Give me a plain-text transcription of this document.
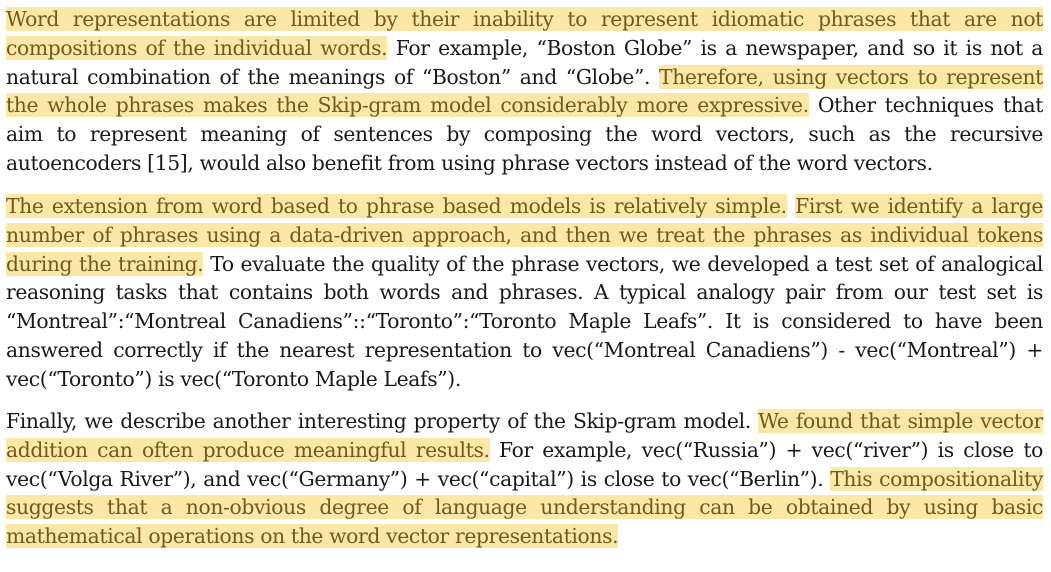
Word representations are limited by their inability to represent idiomatic phrases that are not compositions of the individual words. For example, “Boston Globe” is a newspaper, and so it is not a natural combination of the meanings of “Boston” and “Globe”. Therefore, using vectors to represent the whole phrases makes the Skip-gram model considerably more expressive. Other techniques that aim to represent meaning of sentences by composing the word vectors, such as the recursive autoencoders [15], would also benefit from using phrase vectors instead of the word vectors.

The extension from word based to phrase based models is relatively simple. First we identify a large number of phrases using a data-driven approach, and then we treat the phrases as individual tokens during the training. To evaluate the quality of the phrase vectors, we developed a test set of analogical reasoning tasks that contains both words and phrases. A typical analogy pair from our test set is “Montreal”:“Montreal Canadiens”::“Toronto”:“Toronto Maple Leafs”. It is considered to have been answered correctly if the nearest representation to vec(“Montreal Canadiens”) - vec(“Montreal”) + vec(“Toronto”) is vec(“Toronto Maple Leafs”).

Finally, we describe another interesting property of the Skip-gram model. We found that simple vector addition can often produce meaningful results. For example, vec(“Russia”) + vec(“river”) is close to vec(“Volga River”), and vec(“Germany”) + vec(“capital”) is close to vec(“Berlin”). This compositionality suggests that a non-obvious degree of language understanding can be obtained by using basic mathematical operations on the word vector representations.
